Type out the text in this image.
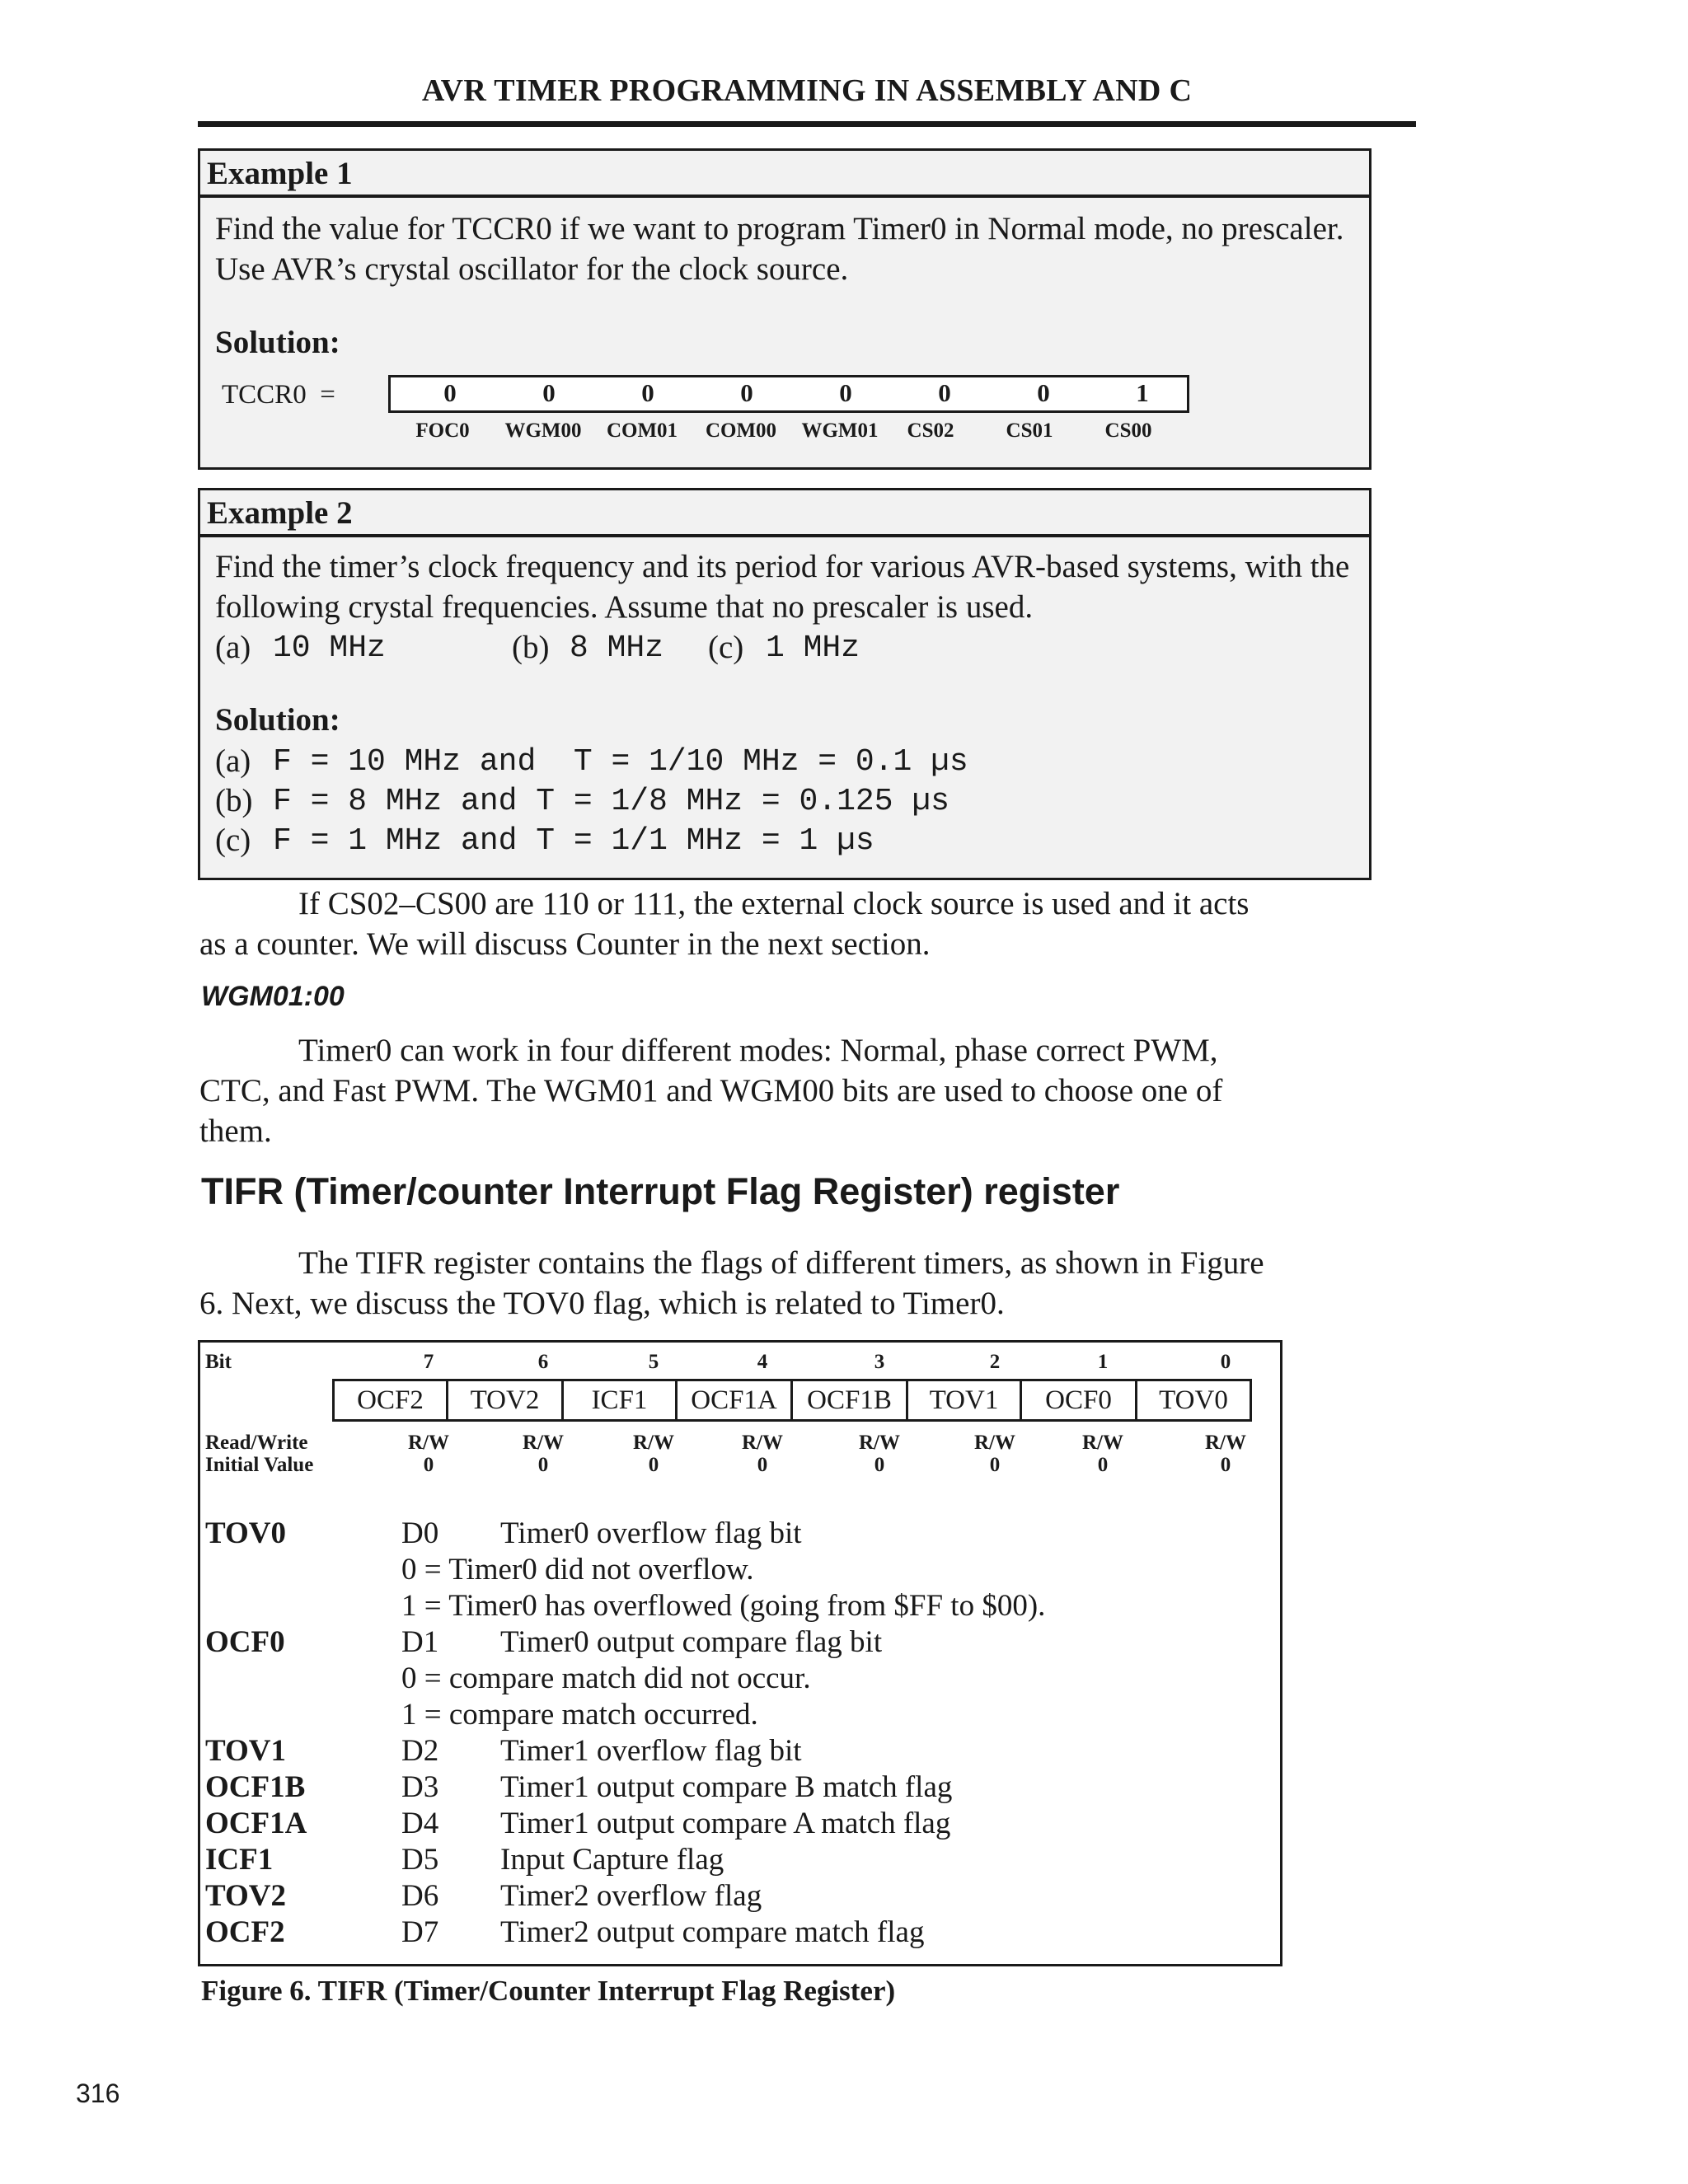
AVR TIMER PROGRAMMING IN ASSEMBLY AND C
Example 1
Find the value for TCCR0 if we want to program Timer0 in Normal mode, no prescaler.
Use AVR’s crystal oscillator for the clock source.
Solution:
TCCR0  =	0	0	0	0	0	0	0	1
FOC0	WGM00	COM01	COM00	WGM01	CS02	CS01	CS00
Example 2
Find the timer’s clock frequency and its period for various AVR-based systems, with the
following crystal frequencies. Assume that no prescaler is used.
(a) 10 MHz	(b) 8 MHz (c) 1 MHz
Solution:
(a) F = 10 MHz and  T = 1/10 MHz = 0.1 µs
(b) F = 8 MHz and T = 1/8 MHz = 0.125 µs
(c) F = 1 MHz and T = 1/1 MHz = 1 µs
If CS02–CS00 are 110 or 111, the external clock source is used and it acts
as a counter. We will discuss Counter in the next section.
WGM01:00
Timer0 can work in four different modes: Normal, phase correct PWM,
CTC, and Fast PWM. The WGM01 and WGM00 bits are used to choose one of
them.
TIFR (Timer/counter Interrupt Flag Register) register
The TIFR register contains the flags of different timers, as shown in Figure
6. Next, we discuss the TOV0 flag, which is related to Timer0.
Bit	7	6	5	4	3	2	1	0
OCF2	TOV2	ICF1	OCF1A	OCF1B	TOV1	OCF0	TOV0
Read/Write	R/W	R/W	R/W	R/W	R/W	R/W	R/W	R/W
Initial Value	0	0	0	0	0	0	0	0
TOV0	D0 Timer0 overflow flag bit
0 = Timer0 did not overflow.
1 = Timer0 has overflowed (going from $FF to $00).
OCF0	D1 Timer0 output compare flag bit
0 = compare match did not occur.
1 = compare match occurred.
TOV1	D2 Timer1 overflow flag bit
OCF1B	D3 Timer1 output compare B match flag
OCF1A	D4 Timer1 output compare A match flag
ICF1	D5 Input Capture flag
TOV2	D6 Timer2 overflow flag
OCF2	D7 Timer2 output compare match flag
Figure 6. TIFR (Timer/Counter Interrupt Flag Register)
316
